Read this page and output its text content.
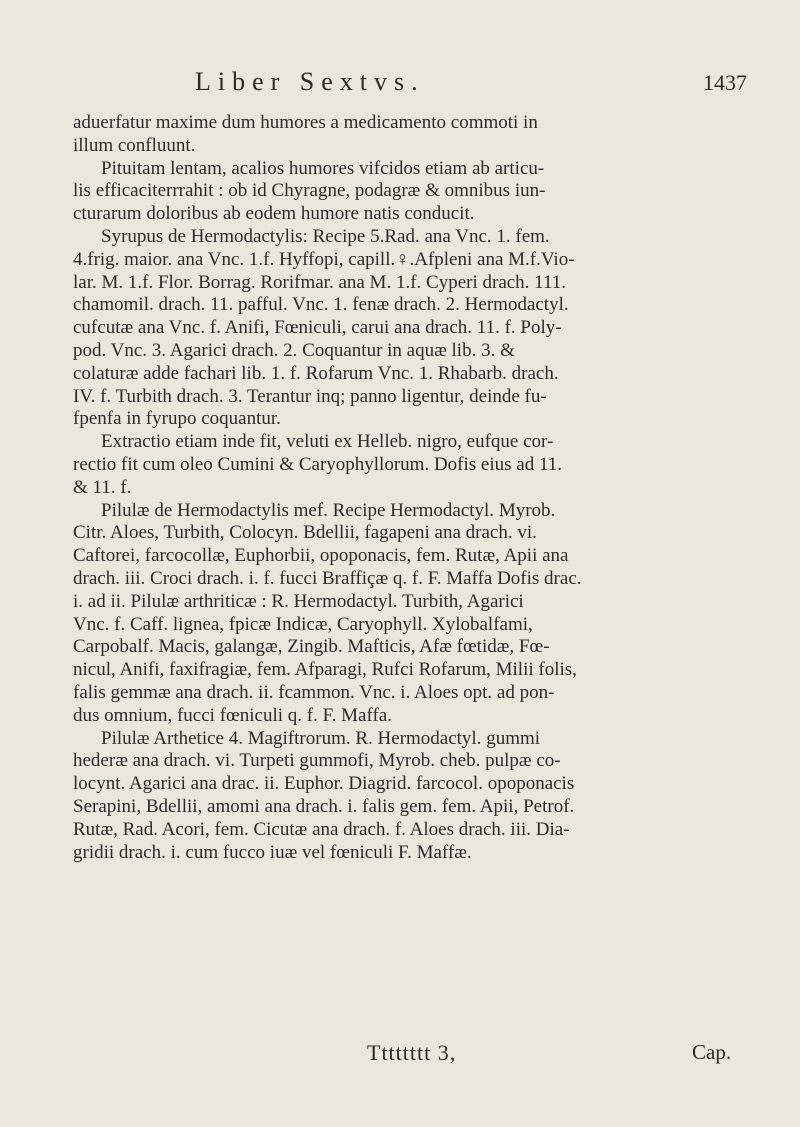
Liber Sextvs.	1437
aduerfatur maxime dum humores a medicamento commoti in
illum confluunt.
Pituitam lentam, acalios humores vifcidos etiam ab articu-
lis efficaciterrrahit : ob id Chyragne, podagræ & omnibus iun-
cturarum doloribus ab eodem humore natis conducit.
Syrupus de Hermodactylis: Recipe 5.Rad. ana Vnc. 1. fem.
4.frig. maior. ana Vnc. 1.f. Hyffopi, capill.♀.Afpleni ana M.f.Vio-
lar. M. 1.f. Flor. Borrag. Rorifmar. ana M. 1.f. Cyperi drach. 111.
chamomil. drach. 11. pafful. Vnc. 1. fenæ drach. 2. Hermodactyl.
cufcutæ ana Vnc. f. Anifi, Fœniculi, carui ana drach. 11. f. Poly-
pod. Vnc. 3. Agarici drach. 2. Coquantur in aquæ lib. 3. &
colaturæ adde fachari lib. 1. f. Rofarum Vnc. 1. Rhabarb. drach.
IV. f. Turbith drach. 3. Terantur inq; panno ligentur, deinde fu-
fpenfa in fyrupo coquantur.
Extractio etiam inde fit, veluti ex Helleb. nigro, eufque cor-
rectio fit cum oleo Cumini & Caryophyllorum. Dofis eius ad 11.
& 11. f.
Pilulæ de Hermodactylis mef. Recipe Hermodactyl. Myrob.
Citr. Aloes, Turbith, Colocyn. Bdellii, fagapeni ana drach. vi.
Caftorei, farcocollæ, Euphorbii, opoponacis, fem. Rutæ, Apii ana
drach. iii. Croci drach. i. f. fucci Braffiçæ q. f. F. Maffa Dofis drac.
i. ad ii. Pilulæ arthriticæ : R. Hermodactyl. Turbith, Agarici
Vnc. f. Caff. lignea, fpicæ Indicæ, Caryophyll. Xylobalfami,
Carpobalf. Macis, galangæ, Zingib. Mafticis, Afæ fœtidæ, Fœ-
nicul, Anifi, faxifragiæ, fem. Afparagi, Rufci Rofarum, Milii folis,
falis gemmæ ana drach. ii. fcammon. Vnc. i. Aloes opt. ad pon-
dus omnium, fucci fœniculi q. f. F. Maffa.
Pilulæ Arthetice 4. Magiftrorum. R. Hermodactyl. gummi
hederæ ana drach. vi. Turpeti gummofi, Myrob. cheb. pulpæ co-
locynt. Agarici ana drac. ii. Euphor. Diagrid. farcocol. opoponacis
Serapini, Bdellii, amomi ana drach. i. falis gem. fem. Apii, Petrof.
Rutæ, Rad. Acori, fem. Cicutæ ana drach. f. Aloes drach. iii. Dia-
gridii drach. i. cum fucco iuæ vel fœniculi F. Maffæ.
Tttttttt 3,	Cap.
